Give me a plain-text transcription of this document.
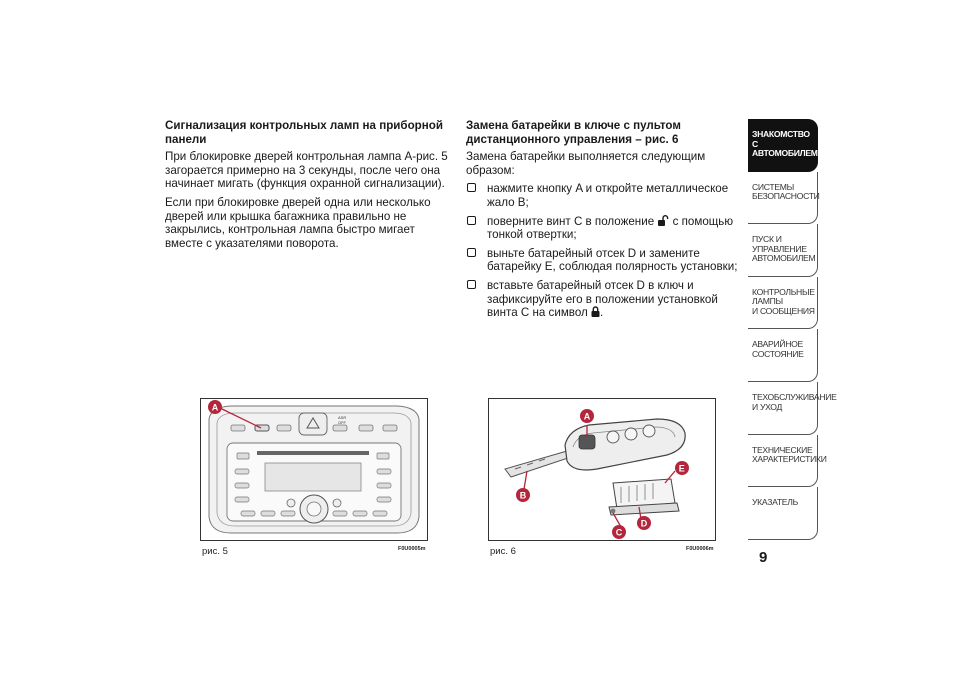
Сигнализация контрольных ламп на приборной панели

При блокировке дверей контрольная лампа A-рис. 5 загорается примерно на 3 секунды, после чего она начинает мигать (функция охранной сигнализации).

Если при блокировке дверей одна или несколько дверей или крышка багажника правильно не закрылись, контрольная лампа быстро мигает вместе с указателями поворота.

Замена батарейки в ключе с пультом дистанционного управления – рис. 6

Замена батарейки выполняется следующим образом:

нажмите кнопку A и откройте металлическое жало B;
поверните винт C в положение с помощью тонкой отвертки;
выньте батарейный отсек D и замените батарейку E, соблюдая полярность установки;
вставьте батарейный отсек D в ключ и зафиксируйте его в положении установкой винта C на символ .
ЗНАКОМСТВО С
АВТОМОБИЛЕМ
СИСТЕМЫ
БЕЗОПАСНОСТИ
ПУСК И УПРАВЛЕНИЕ
АВТОМОБИЛЕМ
КОНТРОЛЬНЫЕ
ЛАМПЫ
И СООБЩЕНИЯ
АВАРИЙНОЕ
СОСТОЯНИЕ
ТЕХОБСЛУЖИВАНИЕ
И УХОД
ТЕХНИЧЕСКИЕ
ХАРАКТЕРИСТИКИ
УКАЗАТЕЛЬ
9
ASR
OFF
A
рис. 5	F0U0005m
A
B
C
D
E
рис. 6	F0U0006m
